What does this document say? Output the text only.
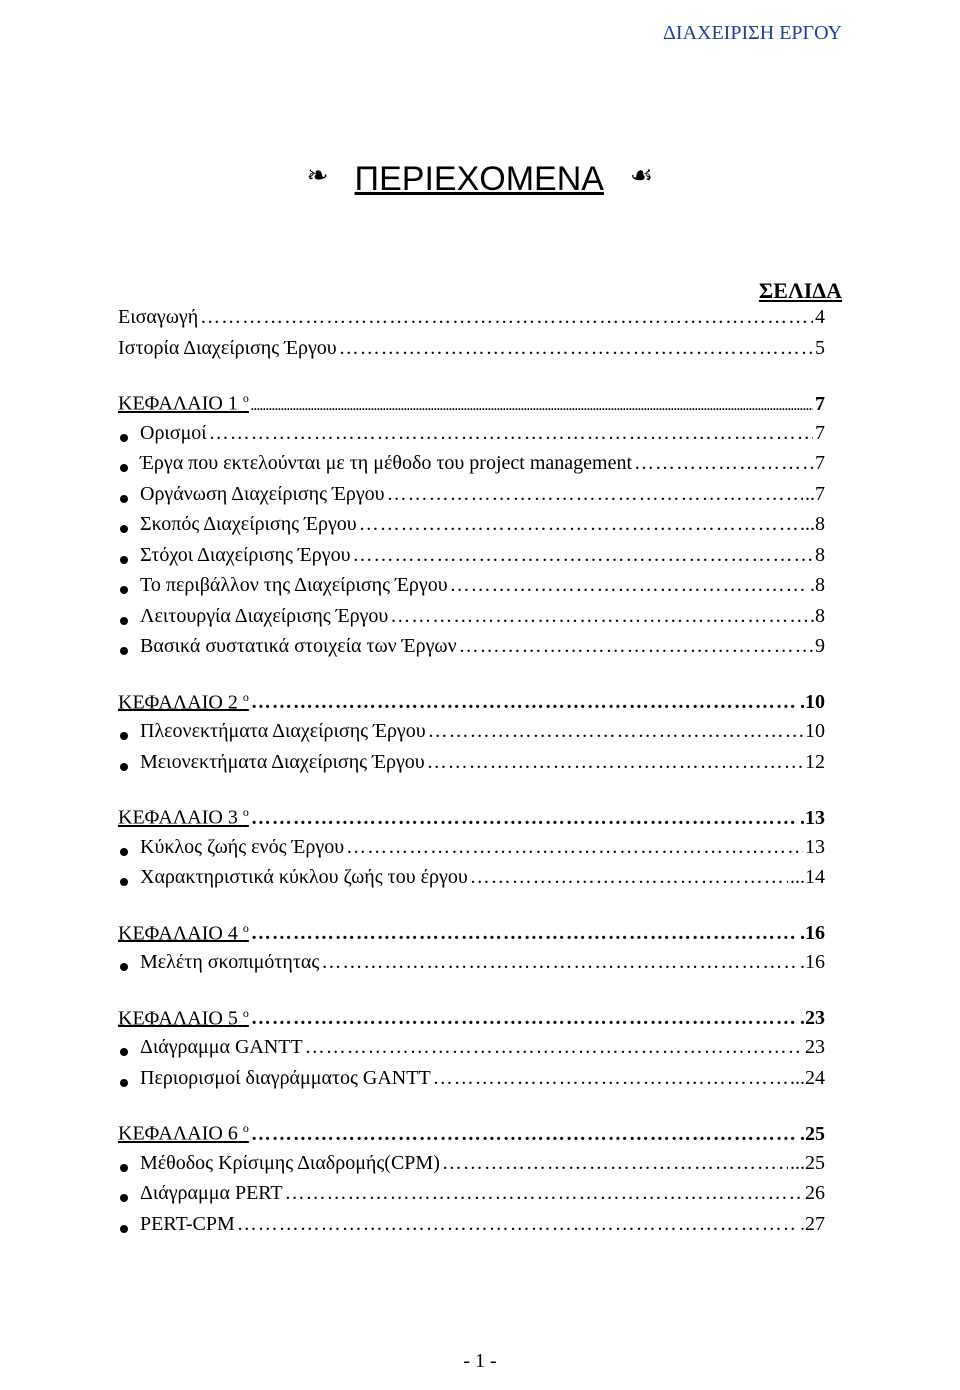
ΔΙΑΧΕΙΡΙΣΗ ΕΡΓΟΥ
❧ ΠΕΡΙΕΧΟΜΕΝΑ ☙
ΣΕΛΙΔΑ
Εισαγωγή ……………………………………………………………………………………………………………………………………	4
Ιστορία Διαχείρισης Έργου ……………………………………………………………………………………………………………………………………	5
ΚΕΦΑΛΑΙΟ 1 $^o$ .....	7
Ορισμοί ……………………………………………………………………………………………………………………………………	7
Έργα που εκτελούνται με τη μέθοδο του project management ……………………………………………………………………………………………………………………………………	7
Οργάνωση Διαχείρισης Έργου ……………………………………………………………………………………………………………………………………	..7
Σκοπός Διαχείρισης Έργου ……………………………………………………………………………………………………………………………………	...8
Στόχοι Διαχείρισης Έργου ……………………………………………………………………………………………………………………………………	8
Το περιβάλλον της Διαχείρισης Έργου ……………………………………………………………………………………………………………………………………	.8
Λειτουργία Διαχείρισης Έργου ……………………………………………………………………………………………………………………………………	.8
Βασικά συστατικά στοιχεία των Έργων ……………………………………………………………………………………………………………………………………	9
ΚΕΦΑΛΑΙΟ 2 $^o$ …………………………………………………………………………………………………………………………	.10
Πλεονεκτήματα Διαχείρισης Έργου ……………………………………………………………………………………………………………………………………	10
Μειονεκτήματα Διαχείρισης Έργου ……………………………………………………………………………………………………………………………………	12
ΚΕΦΑΛΑΙΟ 3 $^o$ …………………………………………………………………………………………………………………………	.13
Κύκλος ζωής ενός Έργου ……………………………………………………………………………………………………………………………………	13
Χαρακτηριστικά κύκλου ζωής του έργου ……………………………………………………………………………………………………………………………………	...14
ΚΕΦΑΛΑΙΟ 4 $^o$ …………………………………………………………………………………………………………………………	.16
Μελέτη σκοπιμότητας ……………………………………………………………………………………………………………………………………	.16
ΚΕΦΑΛΑΙΟ 5 $^o$ …………………………………………………………………………………………………………………………	.23
Διάγραμμα GANTT ……………………………………………………………………………………………………………………………………	23
Περιορισμοί διαγράμματος GANTT ……………………………………………………………………………………………………………………………………	...24
ΚΕΦΑΛΑΙΟ 6 $^o$ …………………………………………………………………………………………………………………………	.25
Μέθοδος Κρίσιμης Διαδρομής(CPM) ……………………………………………………………………………………………………………………………………	...25
Διάγραμμα PERT ……………………………………………………………………………………………………………………………………	26
PERT-CPM ……………………………………………………………………………………………………………………………………	.27
- 1 -
